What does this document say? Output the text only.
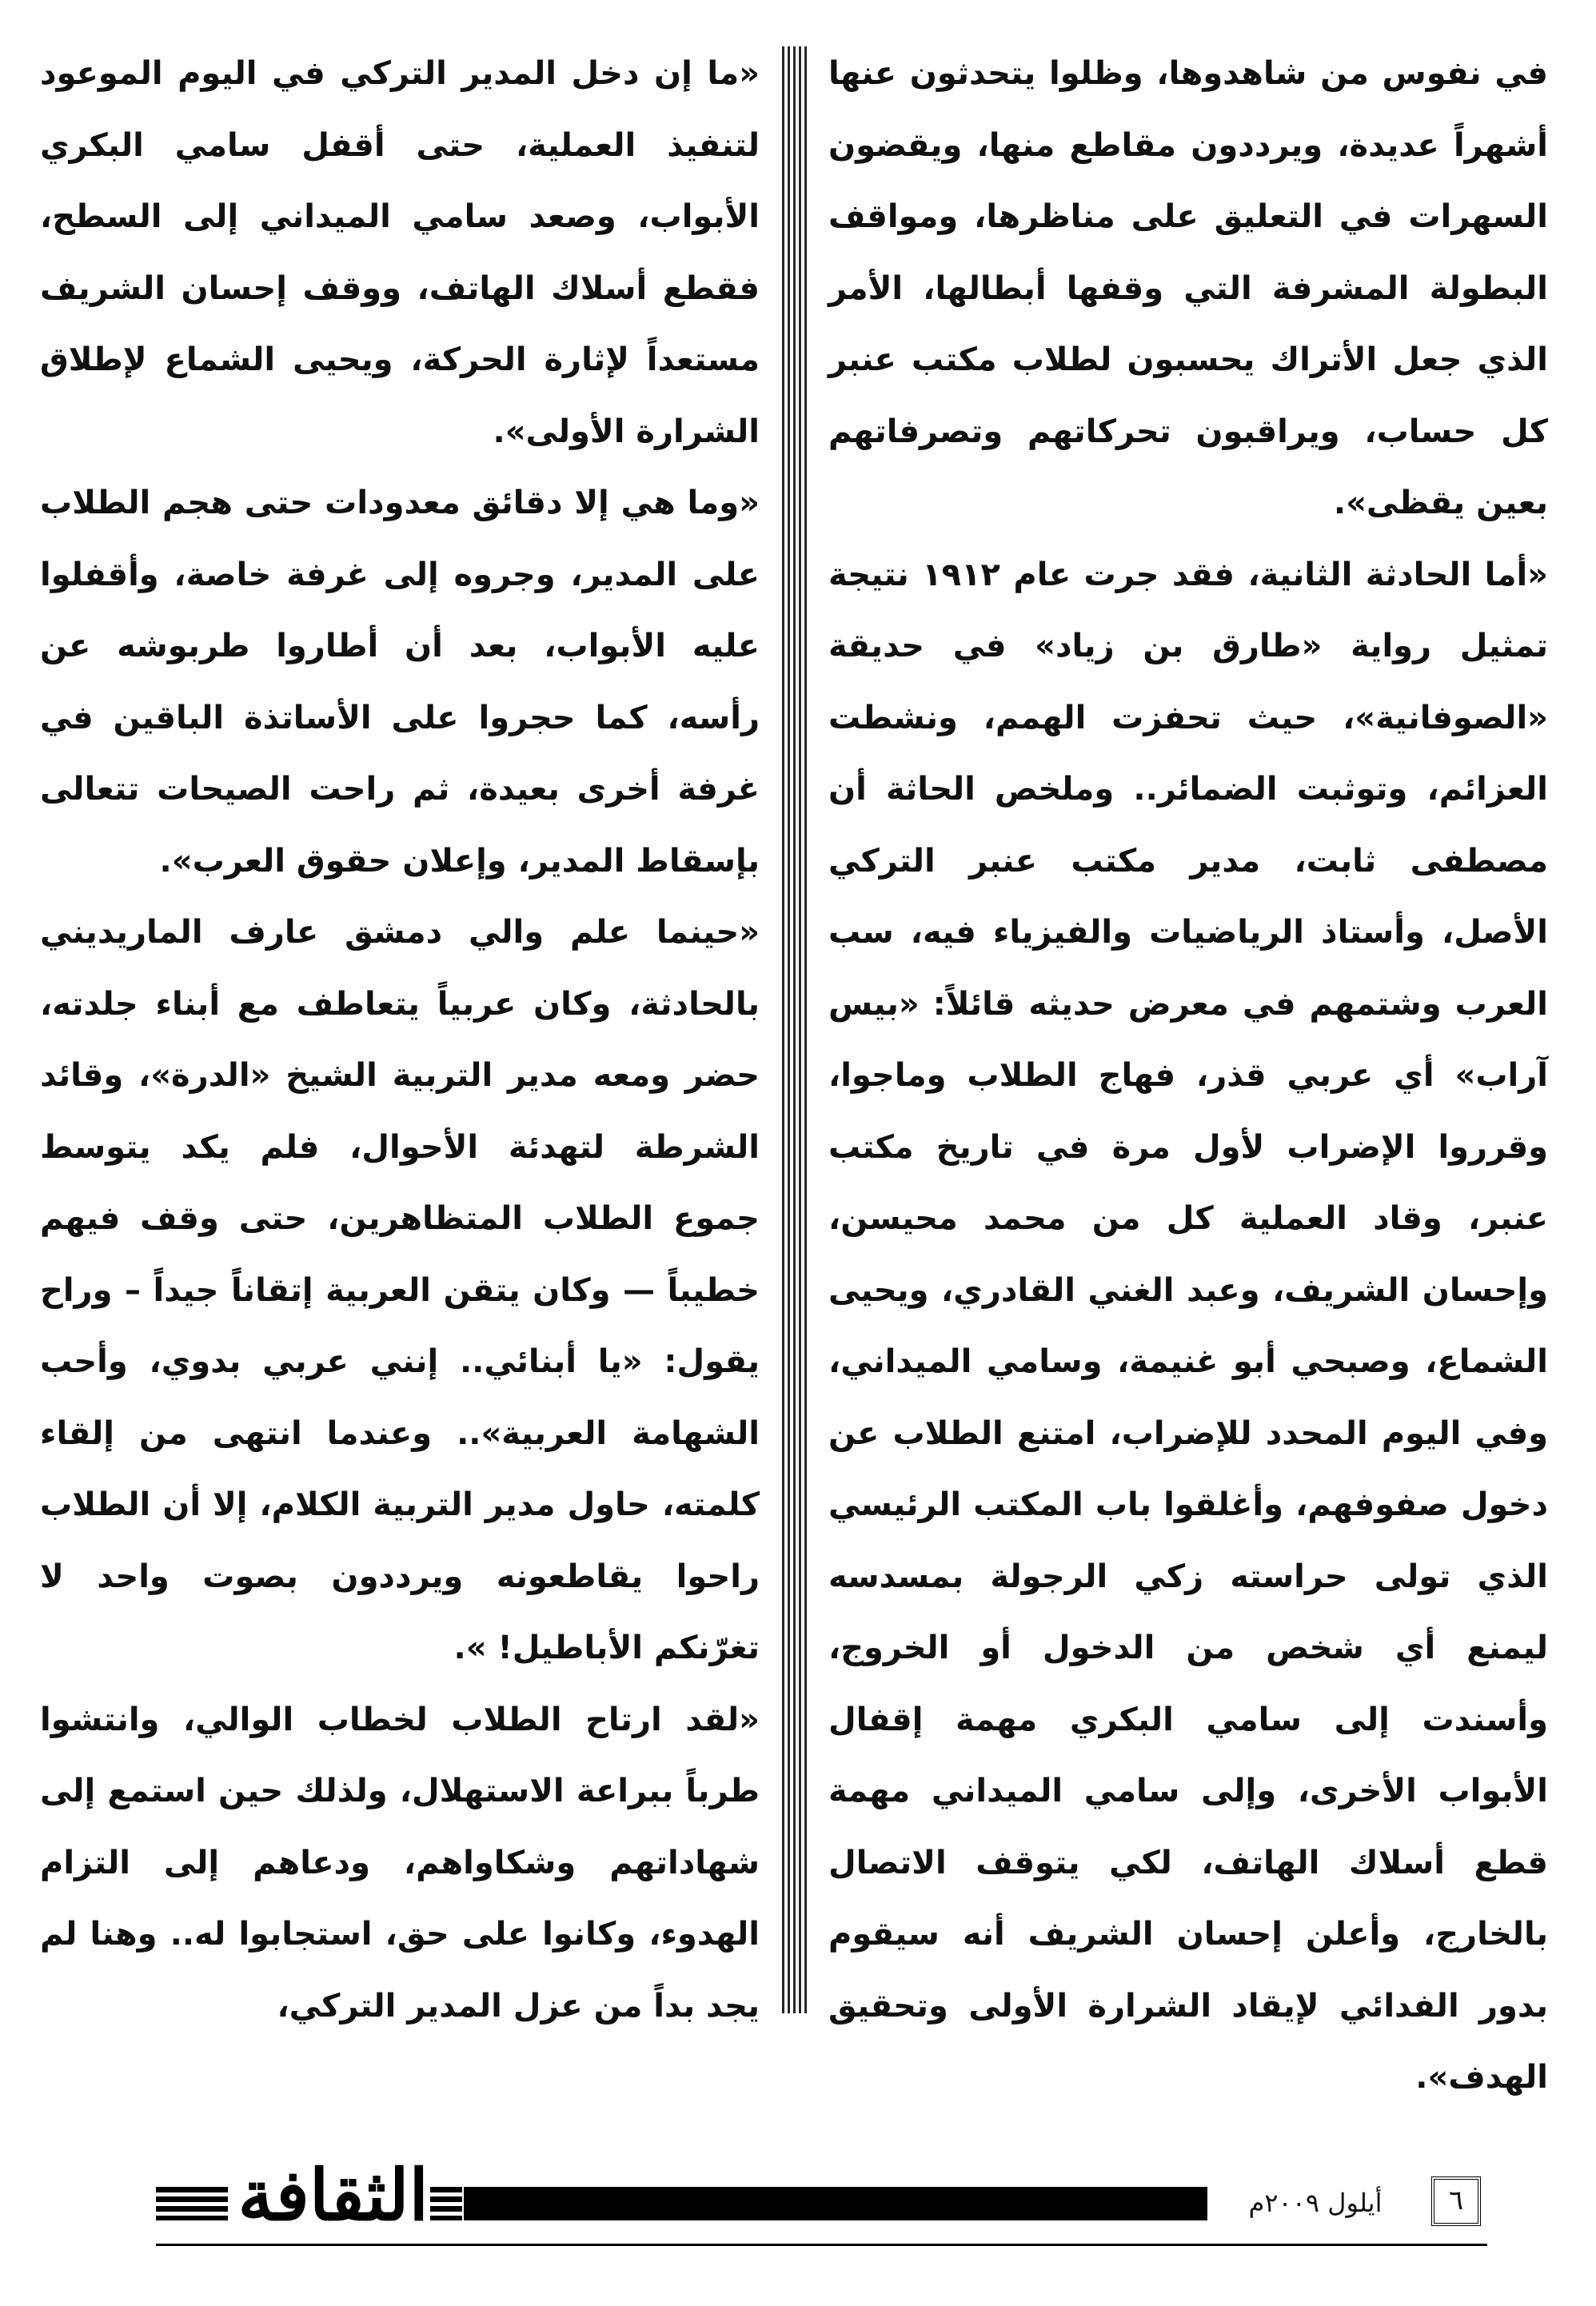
في نفوس من شاهدوها، وظلوا يتحدثون عنها أشهراً عديدة، ويرددون مقاطع منها، ويقضون السهرات في التعليق على مناظرها، ومواقف البطولة المشرفة التي وقفها أبطالها، الأمر الذي جعل الأتراك يحسبون لطلاب مكتب عنبر كل حساب، ويراقبون تحركاتهم وتصرفاتهم بعين يقظى».

«أما الحادثة الثانية، فقد جرت عام ١٩١٢ نتيجة تمثيل رواية «طارق بن زياد» في حديقة «الصوفانية»، حيث تحفزت الهمم، ونشطت العزائم، وتوثبت الضمائر.. وملخص الحاثة أن مصطفى ثابت، مدير مكتب عنبر التركي الأصل، وأستاذ الرياضيات والفيزياء فيه، سب العرب وشتمهم في معرض حديثه قائلاً: «بيس آراب» أي عربي قذر، فهاج الطلاب وماجوا، وقرروا الإضراب لأول مرة في تاريخ مكتب عنبر، وقاد العملية كل من محمد محيسن، وإحسان الشريف، وعبد الغني القادري، ويحيى الشماع، وصبحي أبو غنيمة، وسامي الميداني، وفي اليوم المحدد للإضراب، امتنع الطلاب عن دخول صفوفهم، وأغلقوا باب المكتب الرئيسي الذي تولى حراسته زكي الرجولة بمسدسه ليمنع أي شخص من الدخول أو الخروج، وأسندت إلى سامي البكري مهمة إقفال الأبواب الأخرى، وإلى سامي الميداني مهمة قطع أسلاك الهاتف، لكي يتوقف الاتصال بالخارج، وأعلن إحسان الشريف أنه سيقوم بدور الفدائي لإيقاد الشرارة الأولى وتحقيق الهدف».

«ما إن دخل المدير التركي في اليوم الموعود لتنفيذ العملية، حتى أقفل سامي البكري الأبواب، وصعد سامي الميداني إلى السطح، فقطع أسلاك الهاتف، ووقف إحسان الشريف مستعداً لإثارة الحركة، ويحيى الشماع لإطلاق الشرارة الأولى».

«وما هي إلا دقائق معدودات حتى هجم الطلاب على المدير، وجروه إلى غرفة خاصة، وأقفلوا عليه الأبواب، بعد أن أطاروا طربوشه عن رأسه، كما حجروا على الأساتذة الباقين في غرفة أخرى بعيدة، ثم راحت الصيحات تتعالى بإسقاط المدير، وإعلان حقوق العرب».

«حينما علم والي دمشق عارف الماريديني بالحادثة، وكان عربياً يتعاطف مع أبناء جلدته، حضر ومعه مدير التربية الشيخ «الدرة»، وقائد الشرطة لتهدئة الأحوال، فلم يكد يتوسط جموع الطلاب المتظاهرين، حتى وقف فيهم خطيباً — وكان يتقن العربية إتقاناً جيداً – وراح يقول: «يا أبنائي.. إنني عربي بدوي، وأحب الشهامة العربية».. وعندما انتهى من إلقاء كلمته، حاول مدير التربية الكلام، إلا أن الطلاب راحوا يقاطعونه ويرددون بصوت واحد لا تغرّنكم الأباطيل! ».

«لقد ارتاح الطلاب لخطاب الوالي، وانتشوا طرباً ببراعة الاستهلال، ولذلك حين استمع إلى شهاداتهم وشكاواهم، ودعاهم إلى التزام الهدوء، وكانوا على حق، استجابوا له.. وهنا لم يجد بداً من عزل المدير التركي،

الثقافة	أيلول ٢٠٠٩م	٦
